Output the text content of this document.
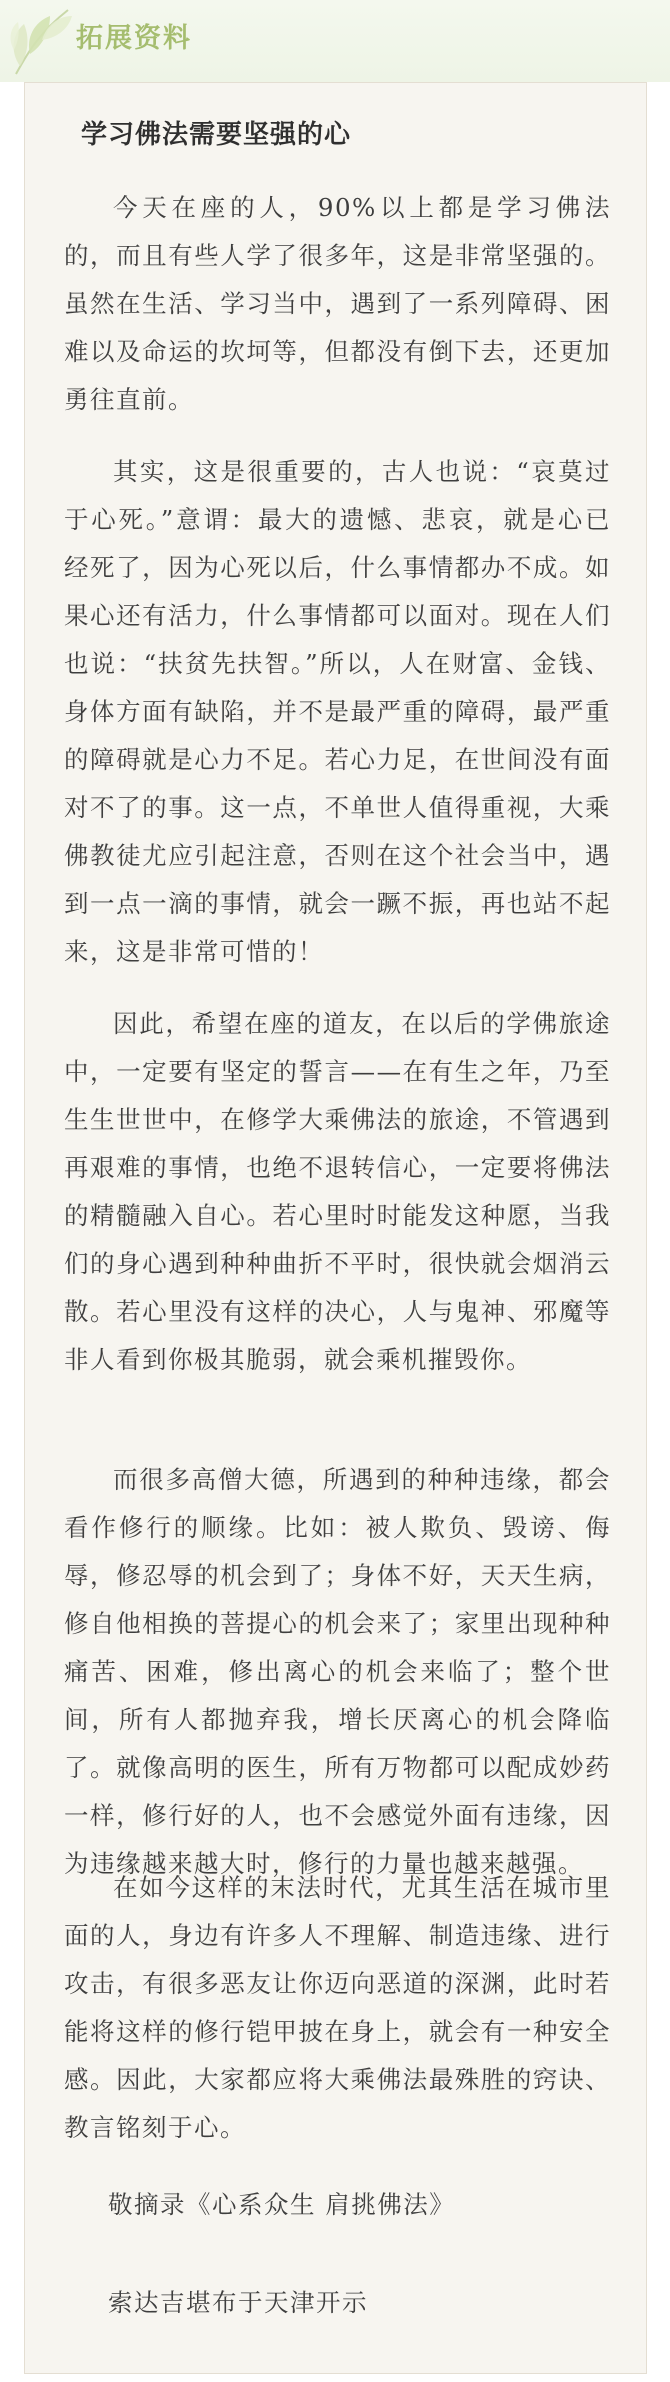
拓展资料
学习佛法需要坚强的心

今天在座的人，90%以上都是学习佛法的，而且有些人学了很多年，这是非常坚强的。虽然在生活、学习当中，遇到了一系列障碍、困难以及命运的坎坷等，但都没有倒下去，还更加勇往直前。

其实，这是很重要的，古人也说：“哀莫过于心死。”意谓：最大的遗憾、悲哀，就是心已经死了，因为心死以后，什么事情都办不成。如果心还有活力，什么事情都可以面对。现在人们也说：“扶贫先扶智。”所以，人在财富、金钱、身体方面有缺陷，并不是最严重的障碍，最严重的障碍就是心力不足。若心力足，在世间没有面对不了的事。这一点，不单世人值得重视，大乘佛教徒尤应引起注意，否则在这个社会当中，遇到一点一滴的事情，就会一蹶不振，再也站不起来，这是非常可惜的！

因此，希望在座的道友，在以后的学佛旅途中，一定要有坚定的誓言——在有生之年，乃至生生世世中，在修学大乘佛法的旅途，不管遇到再艰难的事情，也绝不退转信心，一定要将佛法的精髓融入自心。若心里时时能发这种愿，当我们的身心遇到种种曲折不平时，很快就会烟消云散。若心里没有这样的决心，人与鬼神、邪魔等非人看到你极其脆弱，就会乘机摧毁你。

而很多高僧大德，所遇到的种种违缘，都会看作修行的顺缘。比如：被人欺负、毁谤、侮辱，修忍辱的机会到了；身体不好，天天生病，修自他相换的菩提心的机会来了；家里出现种种痛苦、困难，修出离心的机会来临了；整个世间，所有人都抛弃我，增长厌离心的机会降临了。就像高明的医生，所有万物都可以配成妙药一样，修行好的人，也不会感觉外面有违缘，因为违缘越来越大时，修行的力量也越来越强。

在如今这样的末法时代，尤其生活在城市里面的人，身边有许多人不理解、制造违缘、进行攻击，有很多恶友让你迈向恶道的深渊，此时若能将这样的修行铠甲披在身上，就会有一种安全感。因此，大家都应将大乘佛法最殊胜的窍诀、教言铭刻于心。

敬摘录《心系众生 肩挑佛法》
索达吉堪布于天津开示
